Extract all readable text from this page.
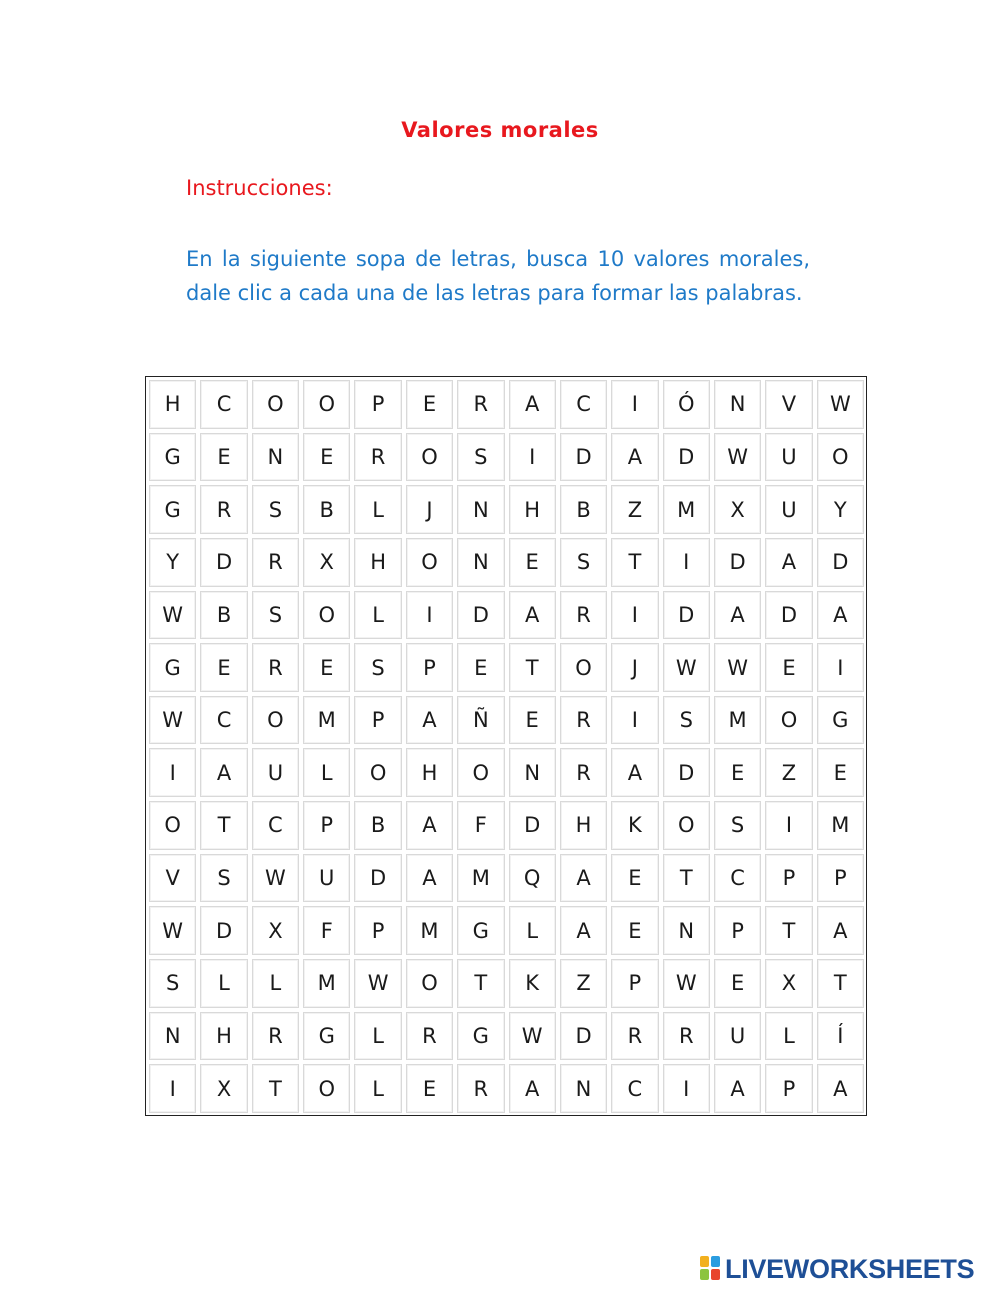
Valores morales
Instrucciones:
En la siguiente sopa de letras, busca 10 valores morales, dale clic a cada una de las letras para formar las palabras.
H	C	O	O	P	E	R	A	C	I	Ó	N	V	W
G	E	N	E	R	O	S	I	D	A	D	W	U	O
G	R	S	B	L	J	N	H	B	Z	M	X	U	Y
Y	D	R	X	H	O	N	E	S	T	I	D	A	D
W	B	S	O	L	I	D	A	R	I	D	A	D	A
G	E	R	E	S	P	E	T	O	J	W	W	E	I
W	C	O	M	P	A	Ñ	E	R	I	S	M	O	G
I	A	U	L	O	H	O	N	R	A	D	E	Z	E
O	T	C	P	B	A	F	D	H	K	O	S	I	M
V	S	W	U	D	A	M	Q	A	E	T	C	P	P
W	D	X	F	P	M	G	L	A	E	N	P	T	A
S	L	L	M	W	O	T	K	Z	P	W	E	X	T
N	H	R	G	L	R	G	W	D	R	R	U	L	Í
I	X	T	O	L	E	R	A	N	C	I	A	P	A
LIVEWORKSHEETS
